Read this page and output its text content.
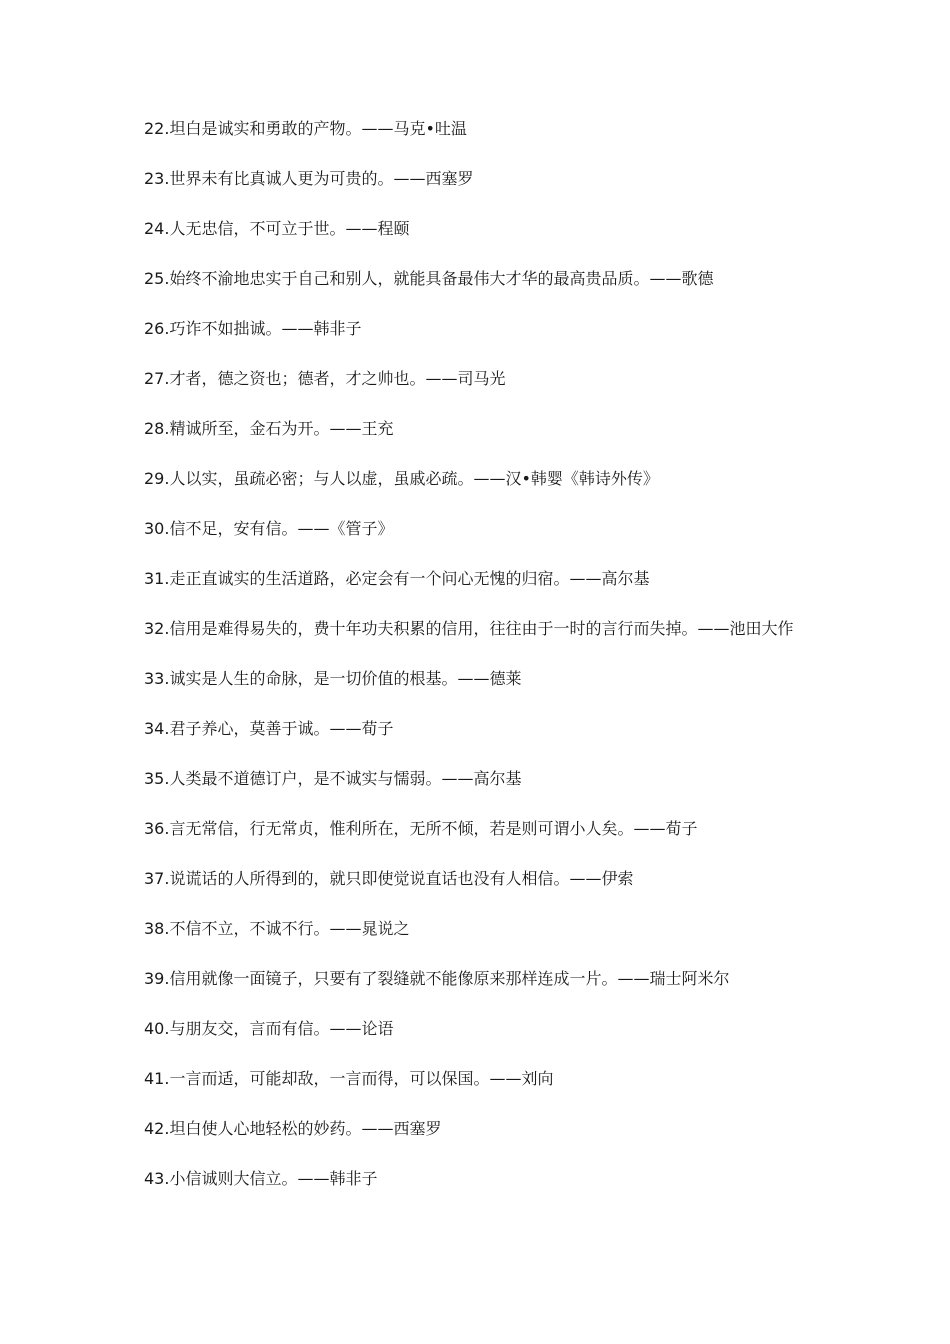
22.坦白是诚实和勇敢的产物。——马克•吐温
23.世界未有比真诚人更为可贵的。——西塞罗
24.人无忠信，不可立于世。——程颐
25.始终不渝地忠实于自己和别人，就能具备最伟大才华的最高贵品质。——歌德
26.巧诈不如拙诚。——韩非子
27.才者，德之资也；德者，才之帅也。——司马光
28.精诚所至，金石为开。——王充
29.人以实，虽疏必密；与人以虚，虽戚必疏。——汉•韩婴《韩诗外传》
30.信不足，安有信。——《管子》
31.走正直诚实的生活道路，必定会有一个问心无愧的归宿。——高尔基
32.信用是难得易失的，费十年功夫积累的信用，往往由于一时的言行而失掉。——池田大作
33.诚实是人生的命脉，是一切价值的根基。——德莱
34.君子养心，莫善于诚。——荀子
35.人类最不道德订户，是不诚实与懦弱。——高尔基
36.言无常信，行无常贞，惟利所在，无所不倾，若是则可谓小人矣。——荀子
37.说谎话的人所得到的，就只即使觉说直话也没有人相信。——伊索
38.不信不立，不诚不行。——晁说之
39.信用就像一面镜子，只要有了裂缝就不能像原来那样连成一片。——瑞士阿米尔
40.与朋友交，言而有信。——论语
41.一言而适，可能却敌，一言而得，可以保国。——刘向
42.坦白使人心地轻松的妙药。——西塞罗
43.小信诚则大信立。——韩非子
